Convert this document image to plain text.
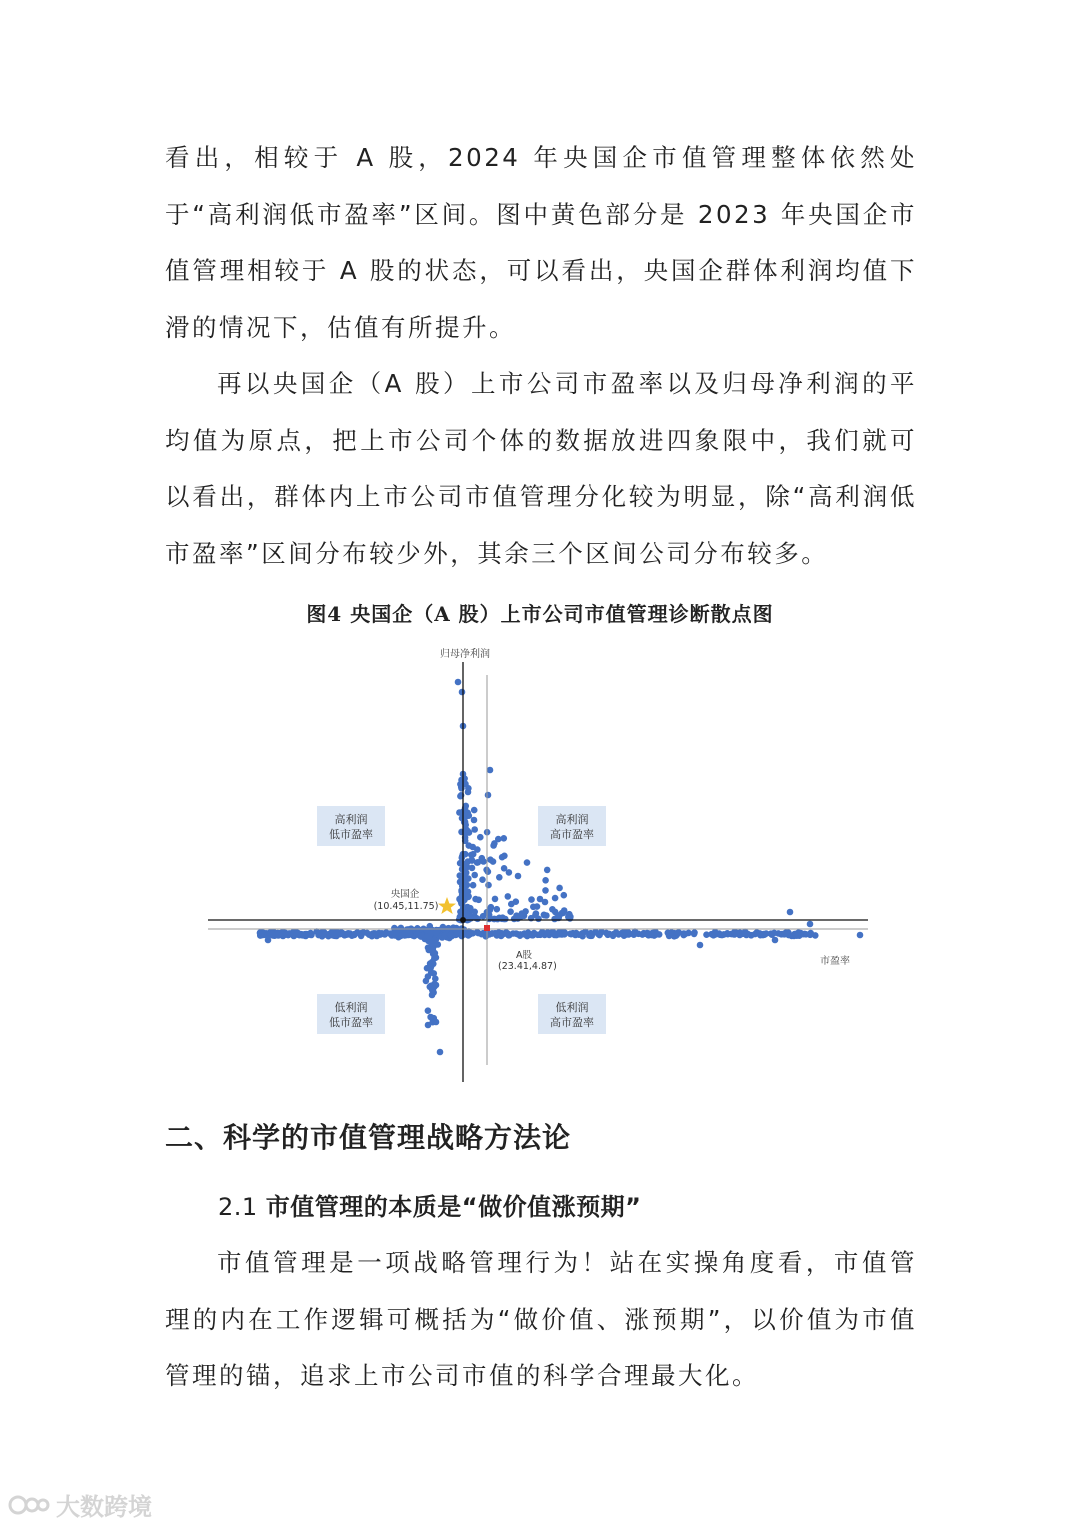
看出，相较于 A 股，2024 年央国企市值管理整体依然处于“高利润低市盈率”区间。图中黄色部分是 2023 年央国企市值管理相较于 A 股的状态，可以看出，央国企群体利润均值下滑的情况下，估值有所提升。

再以央国企（A 股）上市公司市盈率以及归母净利润的平均值为原点，把上市公司个体的数据放进四象限中，我们就可以看出，群体内上市公司市值管理分化较为明显，除“高利润低市盈率”区间分布较少外，其余三个区间公司分布较多。

图4 央国企（A 股）上市公司市值管理诊断散点图
归母净利润
市盈率
高利润
低市盈率
高利润
高市盈率
低利润
低市盈率
低利润
高市盈率
央国企
(10.45,11.75)
A股
(23.41,4.87)
二、科学的市值管理战略方法论
2.1 市值管理的本质是“做价值涨预期”

市值管理是一项战略管理行为！站在实操角度看，市值管理的内在工作逻辑可概括为“做价值、涨预期”，以价值为市值管理的锚，追求上市公司市值的科学合理最大化。

大数跨境
